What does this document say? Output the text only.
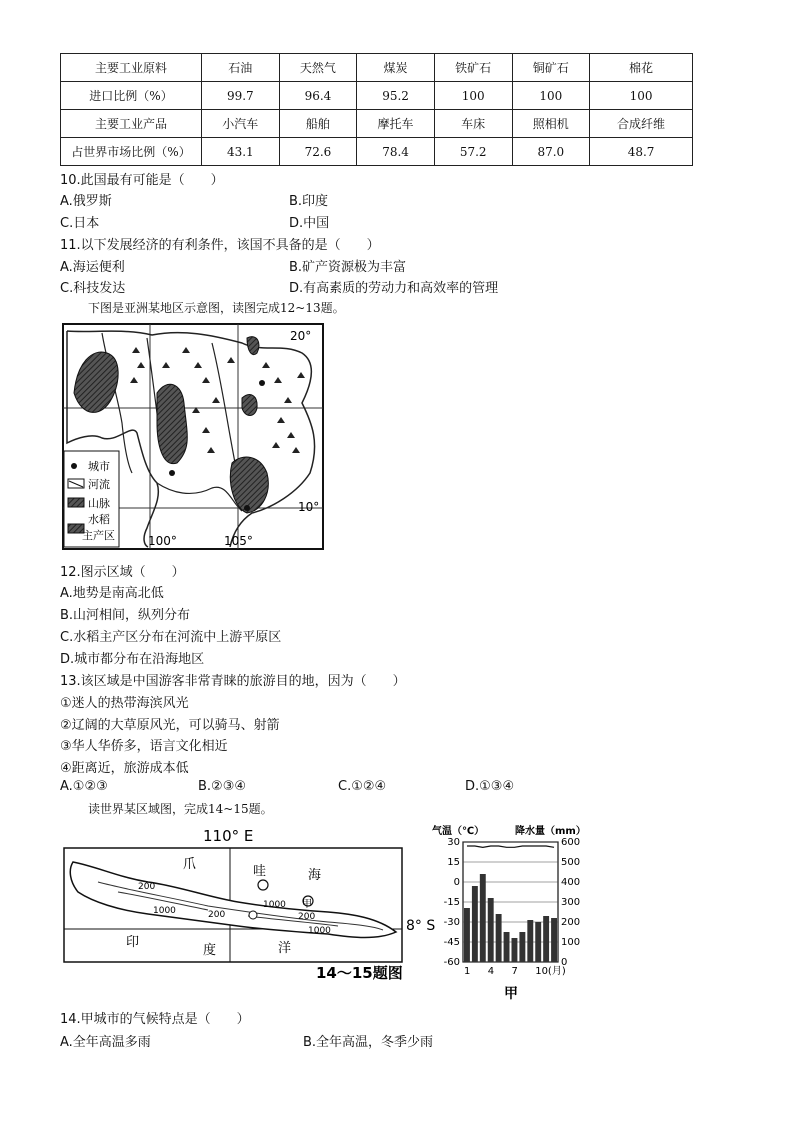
主要工业原料	石油	天然气	煤炭	铁矿石	铜矿石	棉花
进口比例（%）	99.7	96.4	95.2	100	100	100
主要工业产品	小汽车	船舶	摩托车	车床	照相机	合成纤维
占世界市场比例（%）	43.1	72.6	78.4	57.2	87.0	48.7
10.此国最有可能是（　　）
A.俄罗斯	B.印度
C.日本	D.中国
11.以下发展经济的有利条件，该国不具备的是（　　）
A.海运便利	B.矿产资源极为丰富
C.科技发达	D.有高素质的劳动力和高效率的管理
下图是亚洲某地区示意图，读图完成12~13题。
20°
10°
100°	105°
城市
河流
山脉
水稻
主产区
12.图示区域（　　）
A.地势是南高北低
B.山河相间，纵列分布
C.水稻主产区分布在河流中上游平原区
D.城市都分布在沿海地区
13.该区域是中国游客非常青睐的旅游目的地，因为（　　）
①迷人的热带海滨风光
②辽阔的大草原风光，可以骑马、射箭
③华人华侨多，语言文化相近
④距离近，旅游成本低
A.①②③	B.②③④	C.①②④	D.①③④
读世界某区域图，完成14~15题。
110° E
8° S
爪	哇	海
印
度	洋
甲
200
1000	200
1000
200
1000
14～15题图
气温（℃）	降水量（mm）
30
15
0
-15
-30
-45
-60
600
500
400
300
200
100
0
1 4 7 10(月)
甲
14.甲城市的气候特点是（　　）
A.全年高温多雨	B.全年高温，冬季少雨
